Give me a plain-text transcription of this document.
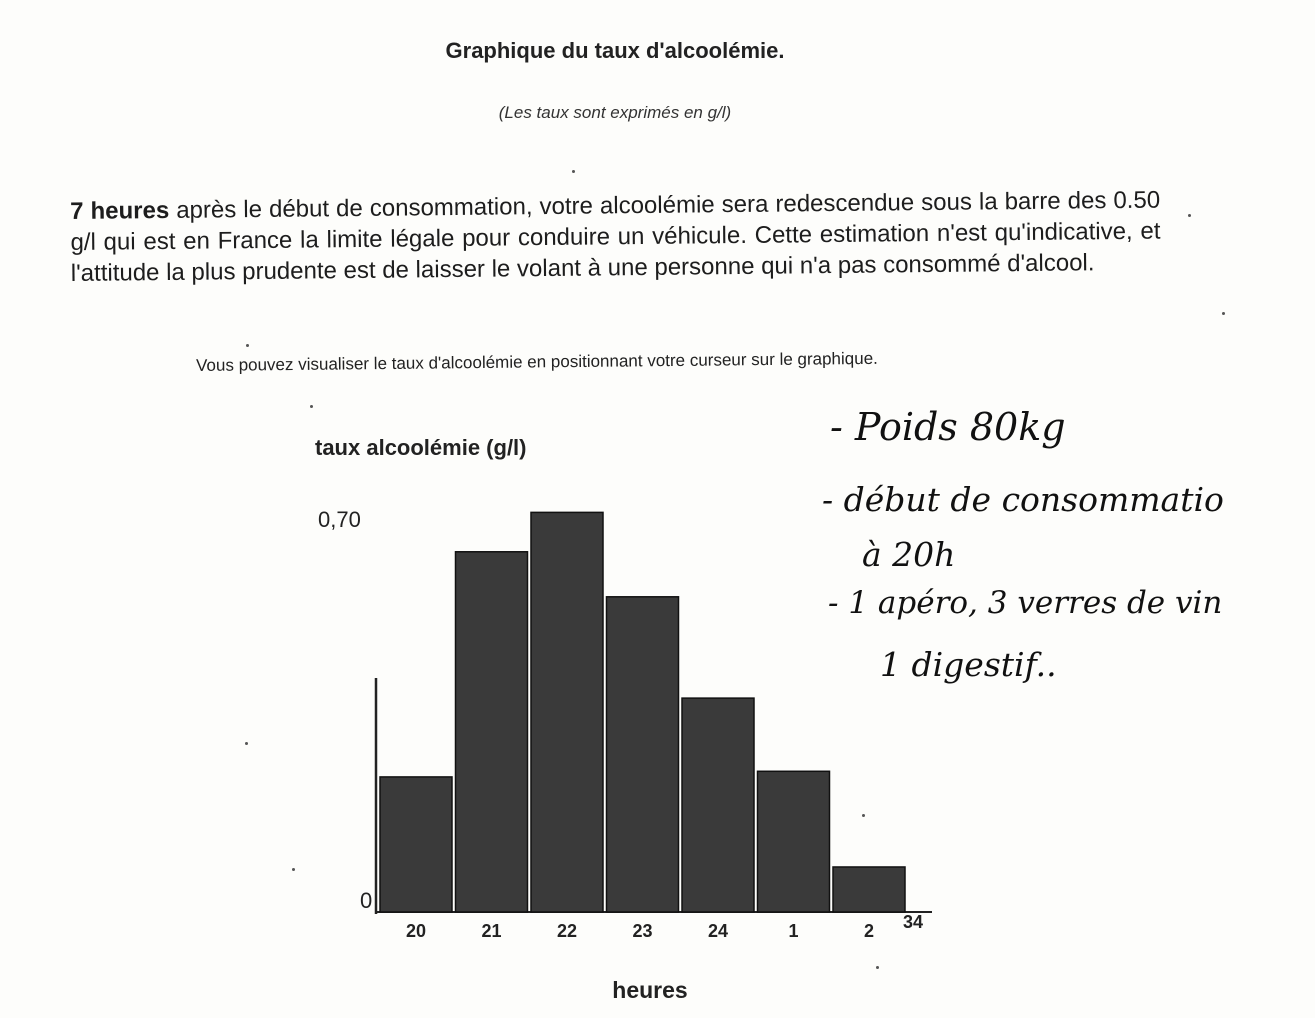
Graphique du taux d'alcoolémie.
(Les taux sont exprimés en g/l)
7 heures après le début de consommation, votre alcoolémie sera redescendue sous la barre des 0.50 g/l qui est en France la limite légale pour conduire un véhicule. Cette estimation n'est qu'indicative, et l'attitude la plus prudente est de laisser le volant à une personne qui n'a pas consommé d'alcool.
Vous pouvez visualiser le taux d'alcoolémie en positionnant votre curseur sur le graphique.
taux alcoolémie (g/l)
0,70
0
20	21	22	23	24	1	2 34
heures
- Poids 80kg
- début de consommatio
à 20h
- 1 apéro, 3 verres de vin
1 digestif..
